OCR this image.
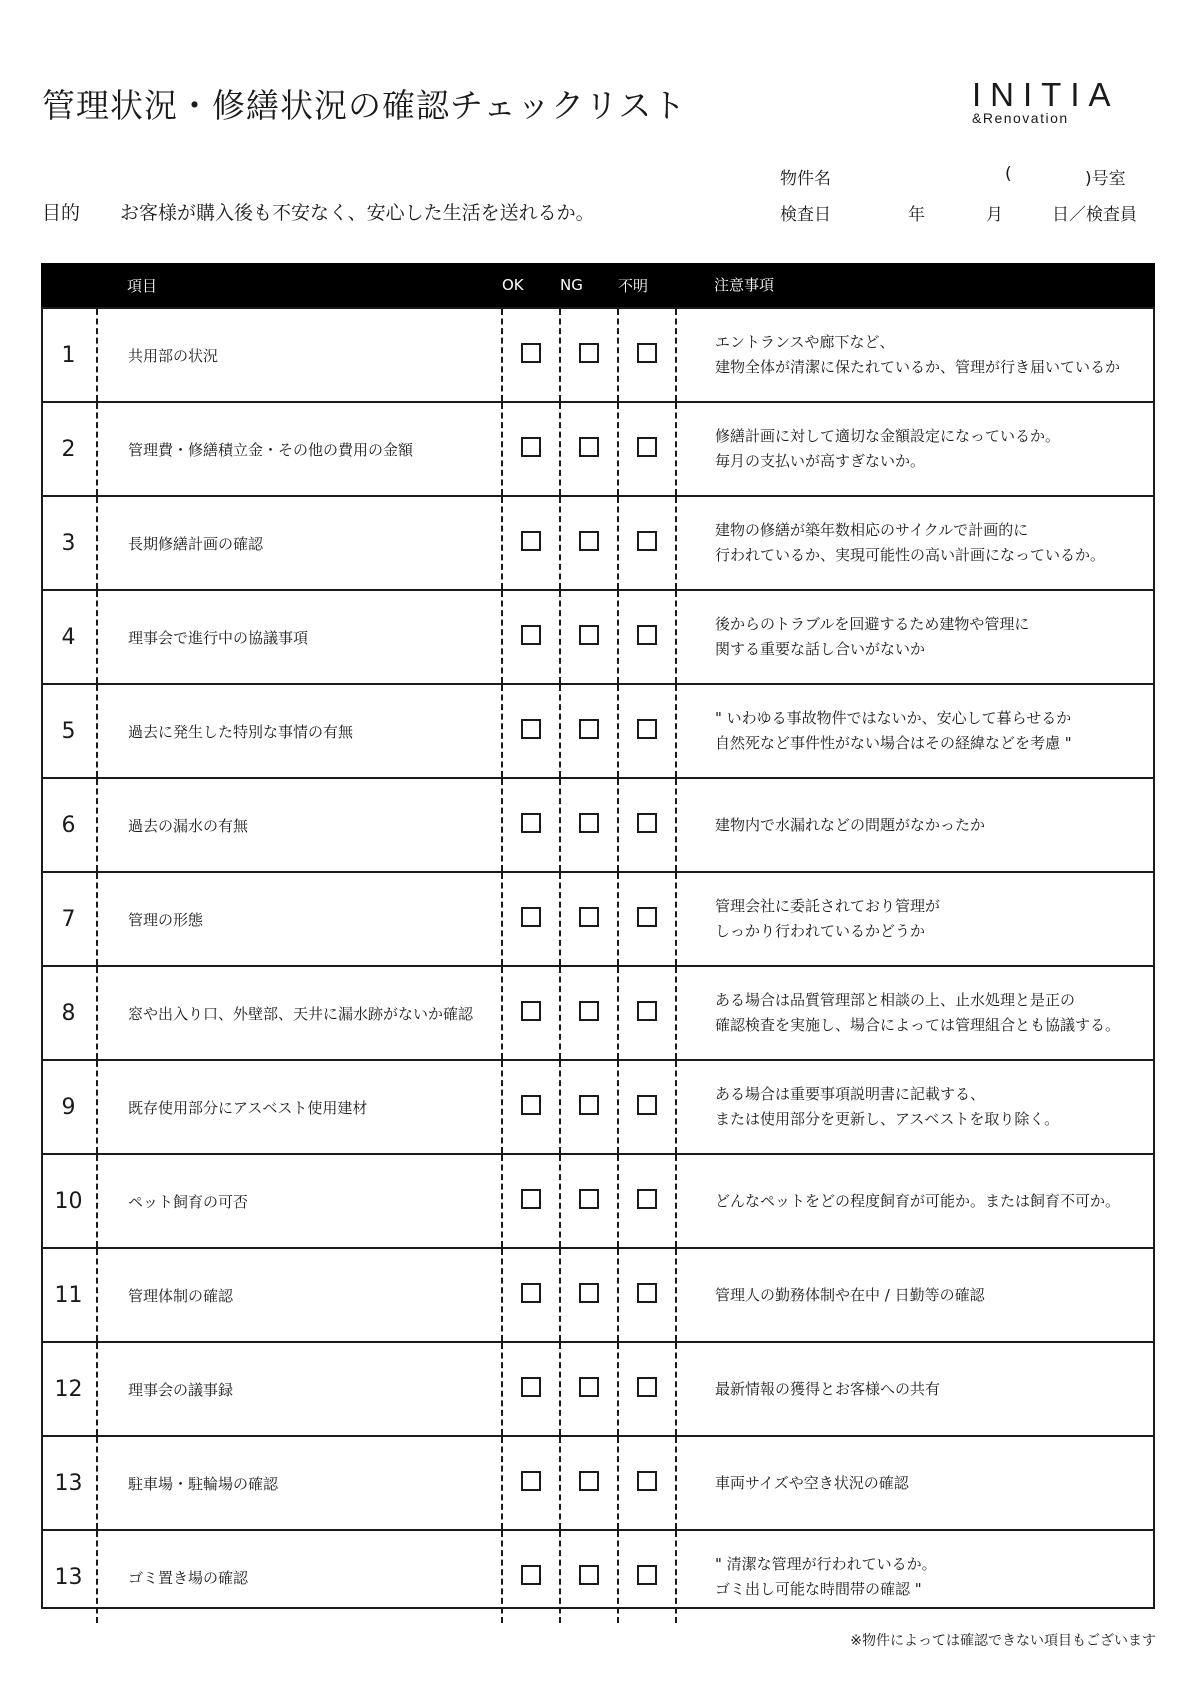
管理状況・修繕状況の確認チェックリスト	INITIA
&Renovation
目的 お客様が購入後も不安なく、安心した生活を送れるか。
物件名	(	)号室
検査日	年	月	日／検査員
	項目	OK	NG	不明	注意事項
1	共用部の状況				エントランスや廊下など、
建物全体が清潔に保たれているか、管理が行き届いているか

2	管理費・修繕積立金・その他の費用の金額				修繕計画に対して適切な金額設定になっているか。
毎月の支払いが高すぎないか。

3	長期修繕計画の確認				建物の修繕が築年数相応のサイクルで計画的に
行われているか、実現可能性の高い計画になっているか。

4	理事会で進行中の協議事項				後からのトラブルを回避するため建物や管理に
関する重要な話し合いがないか

5	過去に発生した特別な事情の有無				" いわゆる事故物件ではないか、安心して暮らせるか
自然死など事件性がない場合はその経緯などを考慮 "

6	過去の漏水の有無				建物内で水漏れなどの問題がなかったか

7	管理の形態				管理会社に委託されており管理が
しっかり行われているかどうか

8	窓や出入り口、外壁部、天井に漏水跡がないか確認				ある場合は品質管理部と相談の上、止水処理と是正の
確認検査を実施し、場合によっては管理組合とも協議する。

9	既存使用部分にアスベスト使用建材				ある場合は重要事項説明書に記載する、
または使用部分を更新し、アスベストを取り除く。

10	ペット飼育の可否				どんなペットをどの程度飼育が可能か。または飼育不可か。

11	管理体制の確認				管理人の勤務体制や在中 / 日勤等の確認

12	理事会の議事録				最新情報の獲得とお客様への共有

13	駐車場・駐輪場の確認				車両サイズや空き状況の確認

13	ゴミ置き場の確認				" 清潔な管理が行われているか。
ゴミ出し可能な時間帯の確認 "
※物件によっては確認できない項目もございます
